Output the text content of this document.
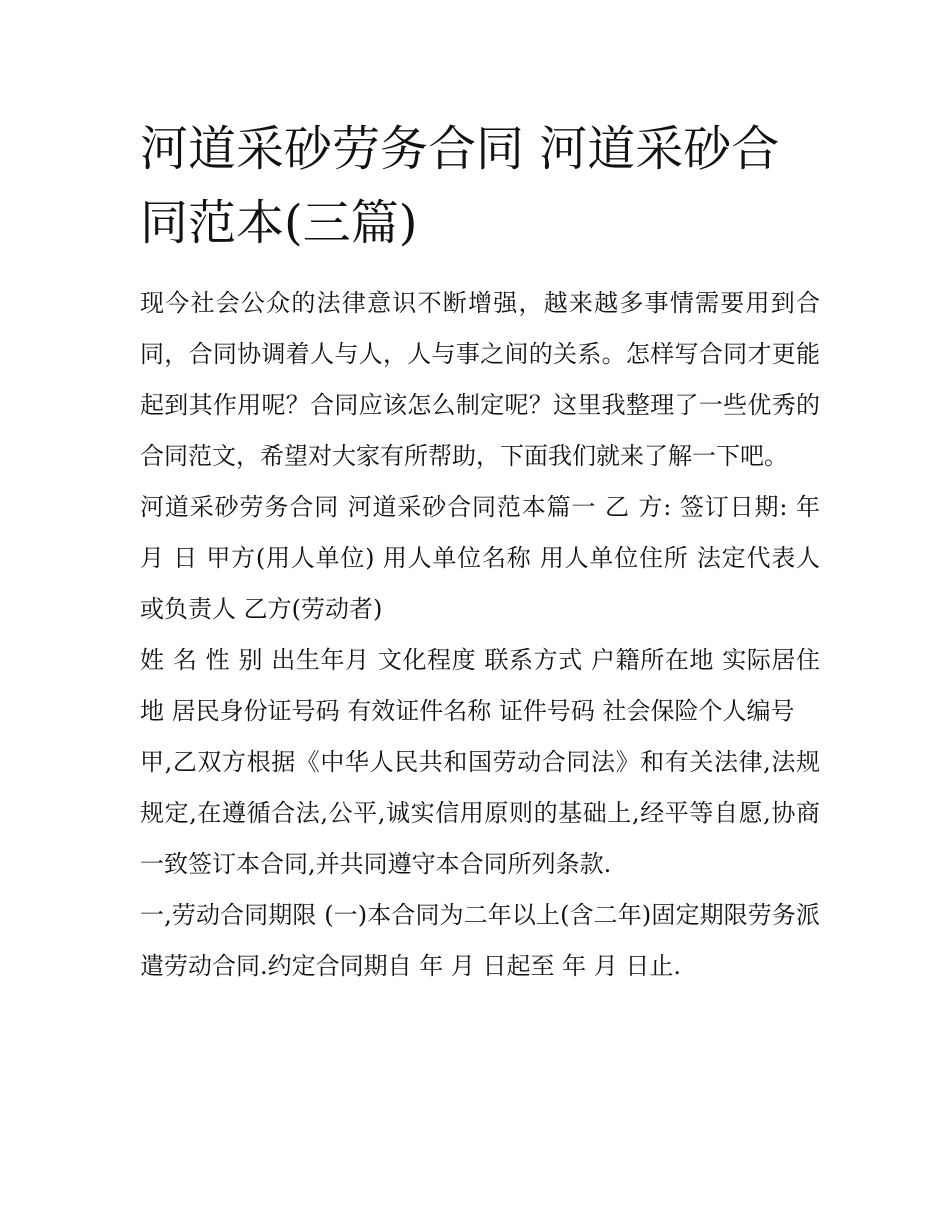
河道采砂劳务合同 河道采砂合同范本(三篇)

现今社会公众的法律意识不断增强，越来越多事情需要用到合同，合同协调着人与人，人与事之间的关系。怎样写合同才更能起到其作用呢？合同应该怎么制定呢？这里我整理了一些优秀的合同范文，希望对大家有所帮助，下面我们就来了解一下吧。

河道采砂劳务合同 河道采砂合同范本篇一 乙 方: 签订日期: 年 月 日 甲方(用人单位) 用人单位名称 用人单位住所 法定代表人或负责人 乙方(劳动者)

姓 名 性 别 出生年月 文化程度 联系方式 户籍所在地 实际居住地 居民身份证号码 有效证件名称 证件号码 社会保险个人编号

甲,乙双方根据《中华人民共和国劳动合同法》和有关法律,法规规定,在遵循合法,公平,诚实信用原则的基础上,经平等自愿,协商一致签订本合同,并共同遵守本合同所列条款.

一,劳动合同期限 (一)本合同为二年以上(含二年)固定期限劳务派遣劳动合同.约定合同期自 年 月 日起至 年 月 日止.
